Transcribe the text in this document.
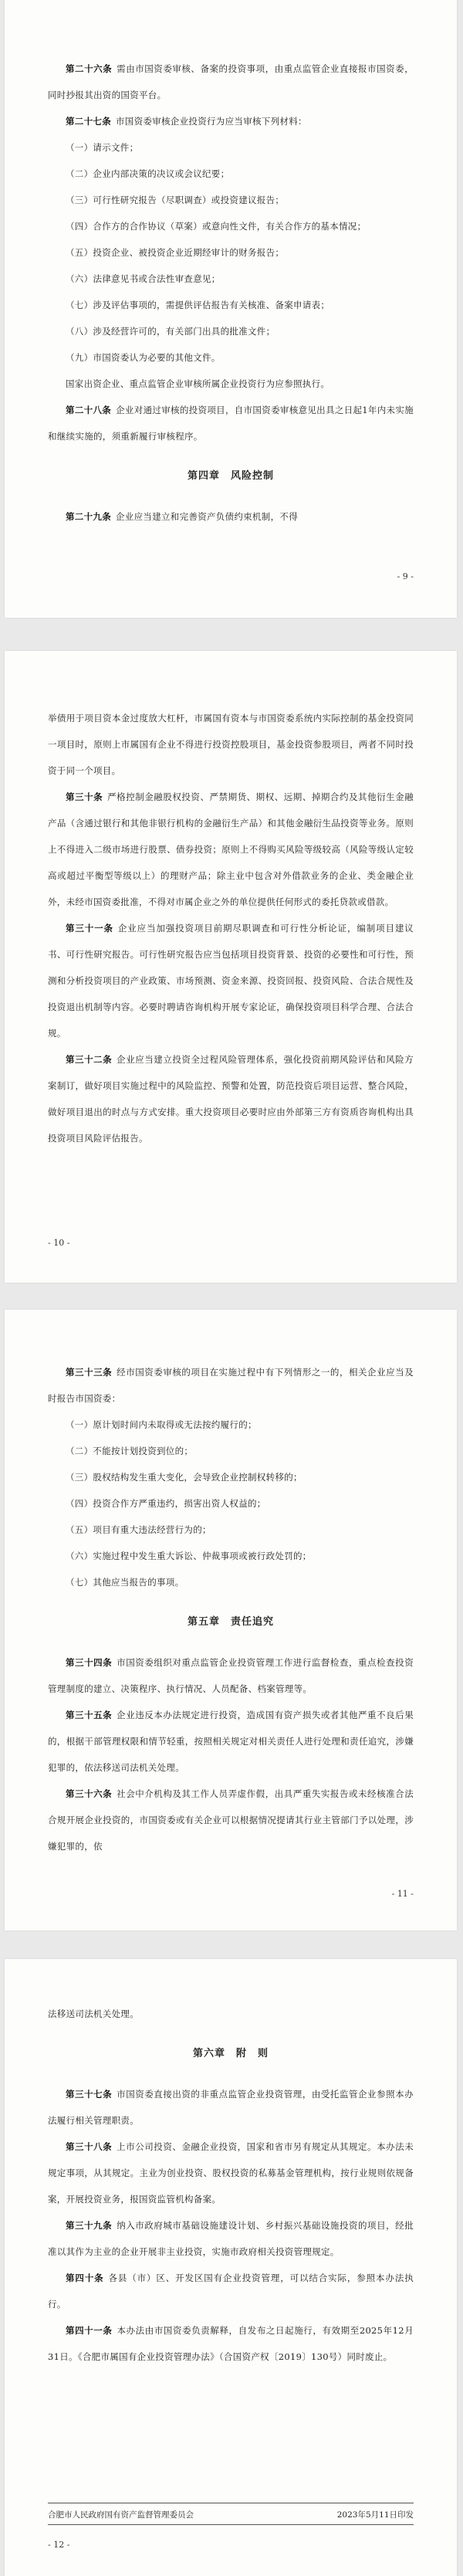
第二十六条 需由市国资委审核、备案的投资事项，由重点监管企业直接报市国资委，同时抄报其出资的国资平台。

第二十七条 市国资委审核企业投资行为应当审核下列材料：

（一）请示文件；

（二）企业内部决策的决议或会议纪要；

（三）可行性研究报告（尽职调查）或投资建议报告；

（四）合作方的合作协议（草案）或意向性文件，有关合作方的基本情况；

（五）投资企业、被投资企业近期经审计的财务报告；

（六）法律意见书或合法性审查意见；

（七）涉及评估事项的，需提供评估报告有关核准、备案申请表；

（八）涉及经营许可的，有关部门出具的批准文件；

（九）市国资委认为必要的其他文件。

国家出资企业、重点监管企业审核所属企业投资行为应参照执行。

第二十八条 企业对通过审核的投资项目，自市国资委审核意见出具之日起1年内未实施和继续实施的，须重新履行审核程序。

第四章　风险控制

第二十九条 企业应当建立和完善资产负债约束机制，不得

- 9 -

举债用于项目资本金过度放大杠杆，市属国有资本与市国资委系统内实际控制的基金投资同一项目时，原则上市属国有企业不得进行投资控股项目，基金投资参股项目，两者不同时投资于同一个项目。

第三十条 严格控制金融股权投资、严禁期货、期权、远期、掉期合约及其他衍生金融产品（含通过银行和其他非银行机构的金融衍生产品）和其他金融衍生品投资等业务。原则上不得进入二级市场进行股票、债券投资；原则上不得购买风险等级较高（风险等级认定较高或超过平衡型等级以上）的理财产品；除主业中包含对外借款业务的企业、类金融企业外，未经市国资委批准，不得对市属企业之外的单位提供任何形式的委托贷款或借款。

第三十一条 企业应当加强投资项目前期尽职调查和可行性分析论证，编制项目建议书、可行性研究报告。可行性研究报告应当包括项目投资背景、投资的必要性和可行性，预测和分析投资项目的产业政策、市场预测、资金来源、投资回报、投资风险、合法合规性及投资退出机制等内容。必要时聘请咨询机构开展专家论证，确保投资项目科学合理、合法合规。

第三十二条 企业应当建立投资全过程风险管理体系，强化投资前期风险评估和风险方案制订，做好项目实施过程中的风险监控、预警和处置，防范投资后项目运营、整合风险，做好项目退出的时点与方式安排。重大投资项目必要时应由外部第三方有资质咨询机构出具投资项目风险评估报告。

- 10 -

第三十三条 经市国资委审核的项目在实施过程中有下列情形之一的，相关企业应当及时报告市国资委：

（一）原计划时间内未取得或无法按约履行的；

（二）不能按计划投资到位的；

（三）股权结构发生重大变化，会导致企业控制权转移的；

（四）投资合作方严重违约，损害出资人权益的；

（五）项目有重大违法经营行为的；

（六）实施过程中发生重大诉讼、仲裁事项或被行政处罚的；

（七）其他应当报告的事项。

第五章　责任追究

第三十四条 市国资委组织对重点监管企业投资管理工作进行监督检查，重点检查投资管理制度的建立、决策程序、执行情况、人员配备、档案管理等。

第三十五条 企业违反本办法规定进行投资，造成国有资产损失或者其他严重不良后果的，根据干部管理权限和情节轻重，按照相关规定对相关责任人进行处理和责任追究，涉嫌犯罪的，依法移送司法机关处理。

第三十六条 社会中介机构及其工作人员弄虚作假，出具严重失实报告或未经核准合法合规开展企业投资的，市国资委或有关企业可以根据情况提请其行业主管部门予以处理，涉嫌犯罪的，依

- 11 -

法移送司法机关处理。

第六章　附　则

第三十七条 市国资委直接出资的非重点监管企业投资管理，由受托监管企业参照本办法履行相关管理职责。

第三十八条 上市公司投资、金融企业投资，国家和省市另有规定从其规定。本办法未规定事项，从其规定。主业为创业投资、股权投资的私募基金管理机构，按行业规则依规备案，开展投资业务，报国资监管机构备案。

第三十九条 纳入市政府城市基础设施建设计划、乡村振兴基础设施投资的项目，经批准以其作为主业的企业开展非主业投资，实施市政府相关投资管理规定。

第四十条 各县（市）区、开发区国有企业投资管理，可以结合实际，参照本办法执行。

第四十一条 本办法由市国资委负责解释，自发布之日起施行，有效期至2025年12月31日。《合肥市属国有企业投资管理办法》（合国资产权〔2019〕130号）同时废止。

合肥市人民政府国有资产监督管理委员会	2023年5月11日印发
- 12 -
